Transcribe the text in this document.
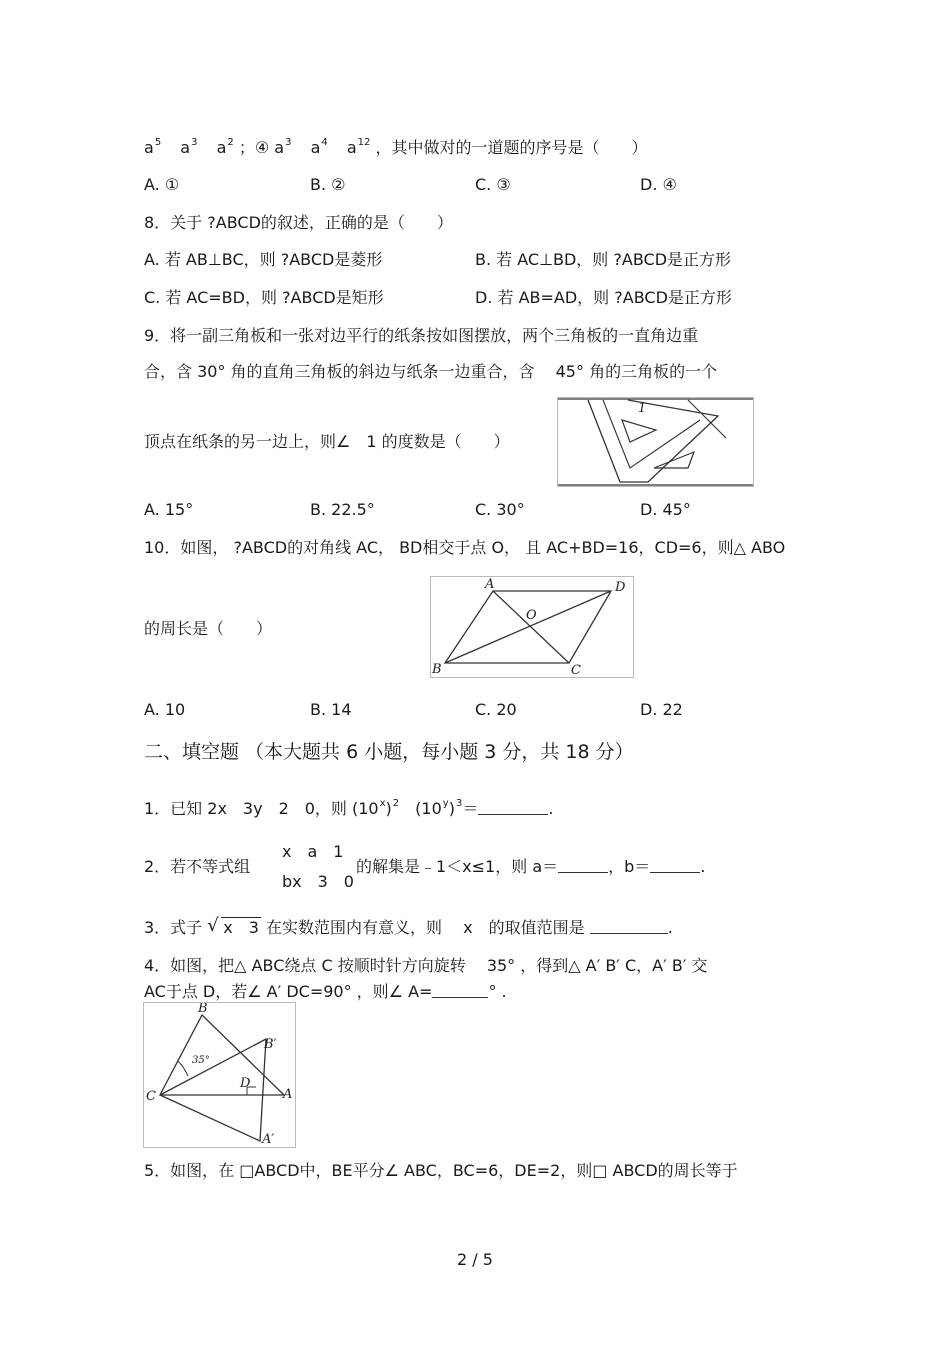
$a^5$ $a^3$ $a^2$ ；④ $a^3$ $a^4$ $a^{12}$ ，其中做对的一道题的序号是（　　）
A. ①	B. ②	C. ③	D. ④
8．关于 ?ABCD的叙述，正确的是（　　）
A. 若 AB⊥BC，则 ?ABCD是菱形	B. 若 AC⊥BD，则 ?ABCD是正方形
C. 若 AC=BD，则 ?ABCD是矩形	D. 若 AB=AD，则 ?ABCD是正方形
9．将一副三角板和一张对边平行的纸条按如图摆放，两个三角板的一直角边重
合，含 30° 角的直角三角板的斜边与纸条一边重合，含　 45° 角的三角板的一个
顶点在纸条的另一边上，则∠　1 的度数是（　　）
1
A. 15°	B. 22.5°	C. 30°	D. 45°
10．如图， ?ABCD的对角线 AC， BD相交于点 O， 且 AC+BD=16，CD=6，则△ ABO
的周长是（　　）
A	D
O
B	C
A. 10	B. 14	C. 20	D. 22
二、填空题 （本大题共 6 小题，每小题 3 分，共 18 分）
1．已知 2x　3y　2　0，则 $(10^x)^2$　$(10^y)^3=$	.
2．若不等式组
x　a　1
bx　3　0
的解集是﹣1＜x≤1，则 a＝	，b＝	.
3．式子 √ x　3 在实数范围内有意义，则　 x　的取值范围是	.
4．如图，把△ ABC绕点 C 按顺时针方向旋转　 35° ，得到△ A′ B′ C，A′ B′ 交
AC于点 D，若∠ A′ DC=90° ，则∠ A=	° .
B
B′
C
D
A
A′
35°
5．如图，在 □ABCD中，BE平分∠ ABC，BC=6，DE=2，则□ ABCD的周长等于
2 / 5
